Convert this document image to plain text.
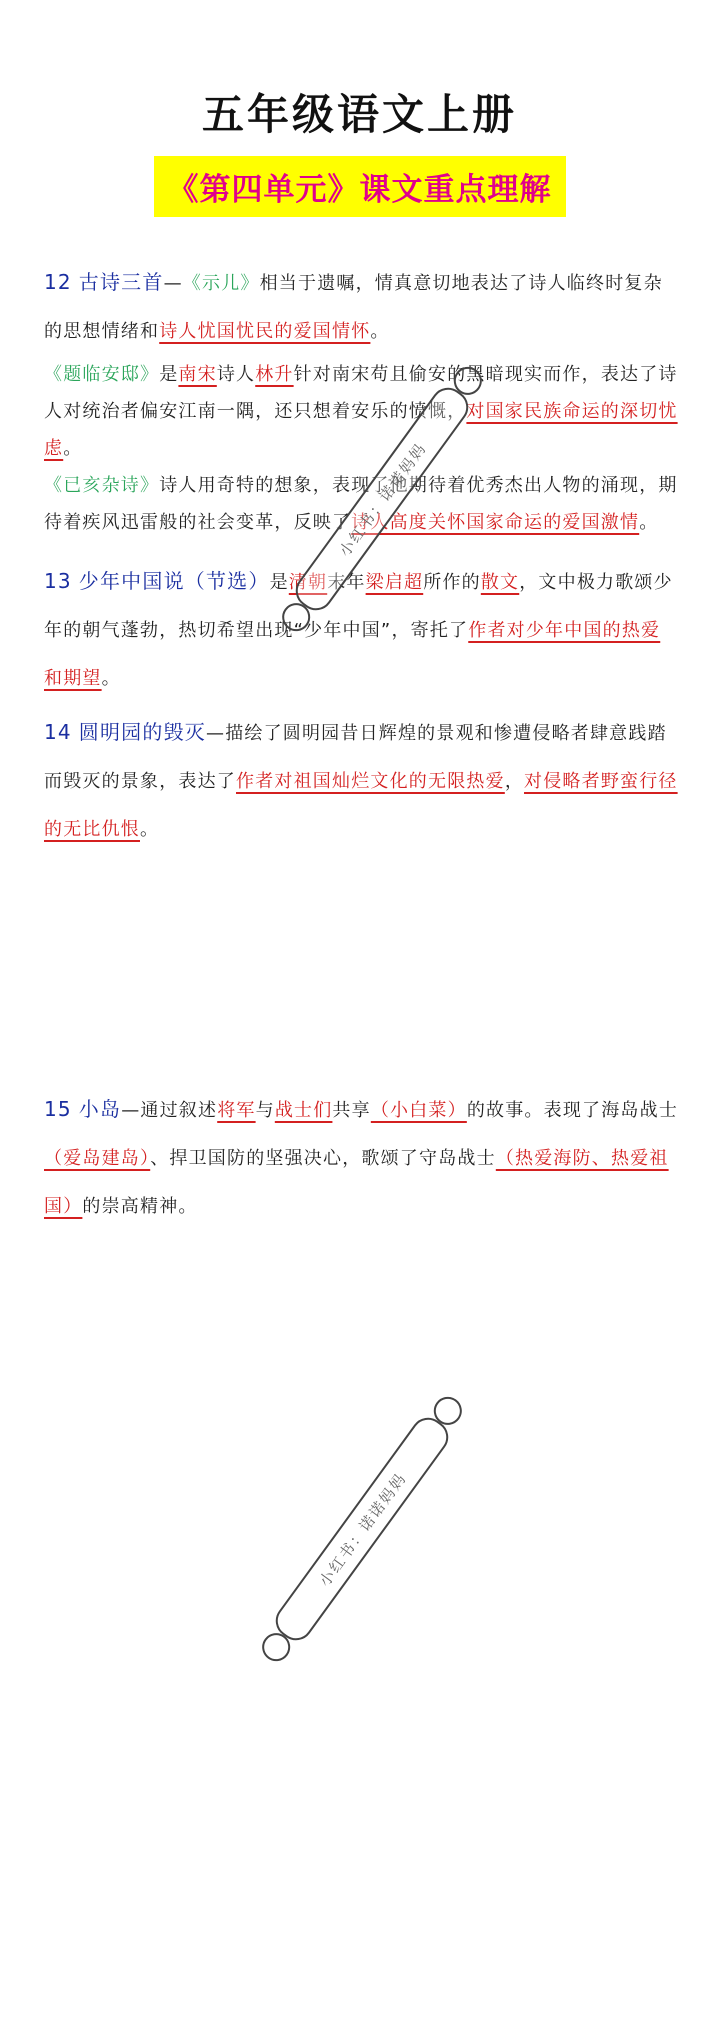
五年级语文上册
《第四单元》课文重点理解
12 古诗三首—《示儿》相当于遗嘱，情真意切地表达了诗人临终时复杂的思想情绪和诗人忧国忧民的爱国情怀。
《题临安邸》是南宋诗人林升针对南宋苟且偷安的黑暗现实而作，表达了诗人对统治者偏安江南一隅，还只想着安乐的愤慨，对国家民族命运的深切忧虑。
《已亥杂诗》诗人用奇特的想象，表现了他期待着优秀杰出人物的涌现，期待着疾风迅雷般的社会变革，反映了诗人高度关怀国家命运的爱国激情。
13 少年中国说（节选）是清朝末年梁启超所作的散文，文中极力歌颂少年的朝气蓬勃，热切希望出现“少年中国”，寄托了作者对少年中国的热爱和期望。
14 圆明园的毁灭—描绘了圆明园昔日辉煌的景观和惨遭侵略者肆意践踏而毁灭的景象，表达了作者对祖国灿烂文化的无限热爱，对侵略者野蛮行径的无比仇恨。
15 小岛—通过叙述将军与战士们共享（小白菜）的故事。表现了海岛战士（爱岛建岛）、捍卫国防的坚强决心，歌颂了守岛战士（热爱海防、热爱祖国）的崇高精神。
小红书：诺诺妈妈
小红书：诺诺妈妈
